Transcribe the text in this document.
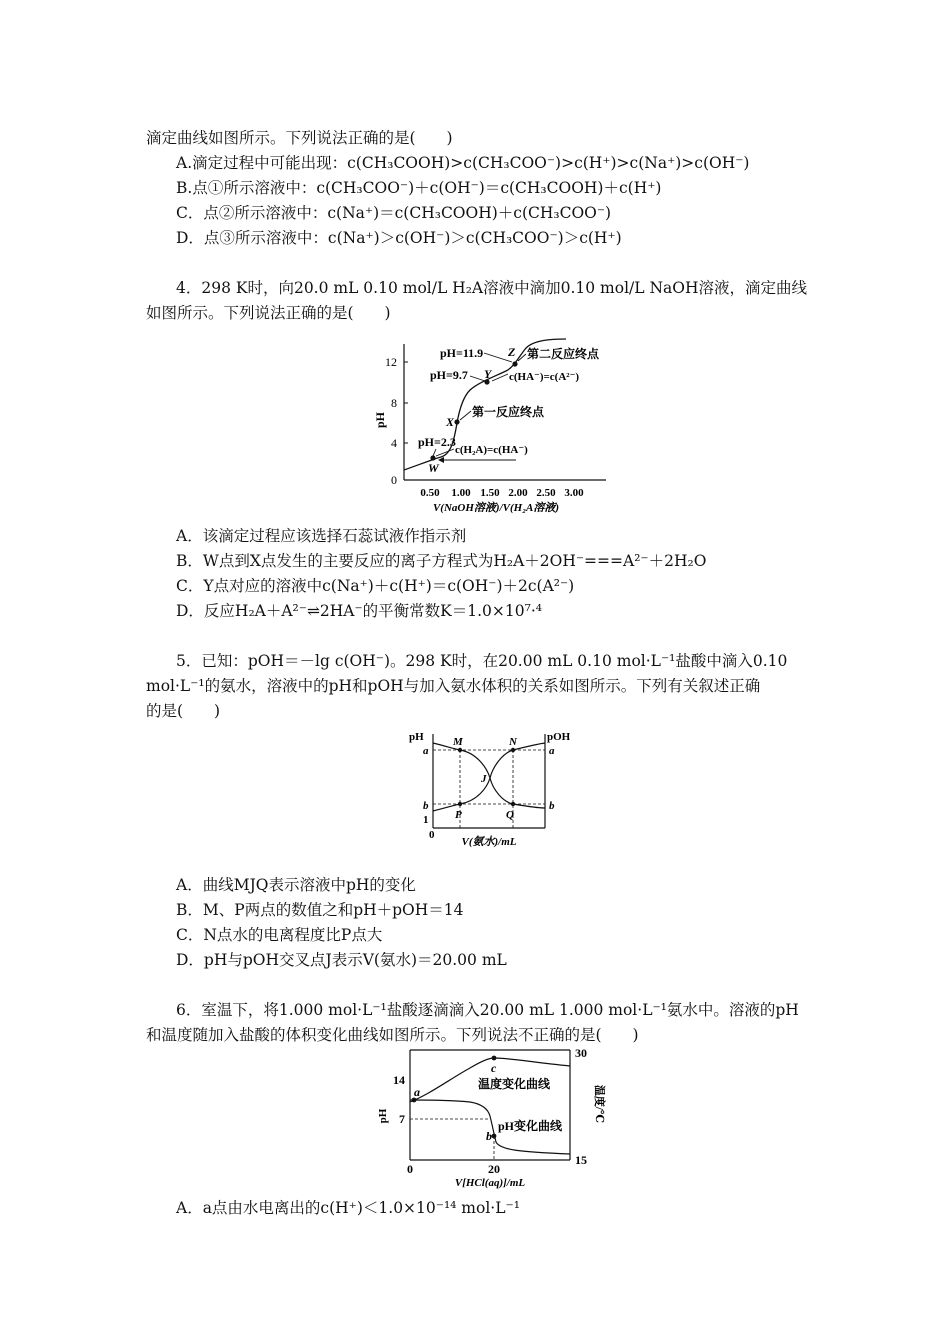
滴定曲线如图所示。下列说法正确的是(　　)
A.滴定过程中可能出现：c(CH₃COOH)>c(CH₃COO⁻)>c(H⁺)>c(Na⁺)>c(OH⁻)
B.点①所示溶液中：c(CH₃COO⁻)＋c(OH⁻)＝c(CH₃COOH)＋c(H⁺)
C．点②所示溶液中：c(Na⁺)＝c(CH₃COOH)＋c(CH₃COO⁻)
D．点③所示溶液中：c(Na⁺)＞c(OH⁻)＞c(CH₃COO⁻)＞c(H⁺)
4．298 K时，向20.0 mL 0.10 mol/L H₂A溶液中滴加0.10 mol/L NaOH溶液，滴定曲线
如图所示。下列说法正确的是(　　)
pH
12
8
4
0
0.50 1.00 1.50 2.00 2.50 3.00
V(NaOH溶液)/V(H₂A溶液)
pH=11.9
pH=9.7
pH=2.3
Z
Y
X
W
第二反应终点
c(HA⁻)=c(A²⁻)
第一反应终点
c(H₂A)=c(HA⁻)
A．该滴定过程应该选择石蕊试液作指示剂
B．W点到X点发生的主要反应的离子方程式为H₂A＋2OH⁻===A²⁻＋2H₂O
C．Y点对应的溶液中c(Na⁺)＋c(H⁺)＝c(OH⁻)＋2c(A²⁻)
D．反应H₂A＋A²⁻⇌2HA⁻的平衡常数K＝1.0×10⁷·⁴
5．已知：pOH＝－lg c(OH⁻)。298 K时，在20.00 mL 0.10 mol·L⁻¹盐酸中滴入0.10
mol·L⁻¹的氨水，溶液中的pH和pOH与加入氨水体积的关系如图所示。下列有关叙述正确
的是(　　)
pH	pOH
a	a
b	b
1
0
M	N
J
P	Q
V(氨水)/mL
A．曲线MJQ表示溶液中pH的变化
B．M、P两点的数值之和pH＋pOH＝14
C．N点水的电离程度比P点大
D．pH与pOH交叉点J表示V(氨水)＝20.00 mL
6．室温下，将1.000 mol·L⁻¹盐酸逐滴滴入20.00 mL 1.000 mol·L⁻¹氨水中。溶液的pH
和温度随加入盐酸的体积变化曲线如图所示。下列说法不正确的是(　　)
pH	温度/℃
14
7
30
15
0	20
V[HCl(aq)]/mL
a
b
c
温度变化曲线
pH变化曲线
A．a点由水电离出的c(H⁺)＜1.0×10⁻¹⁴ mol·L⁻¹
